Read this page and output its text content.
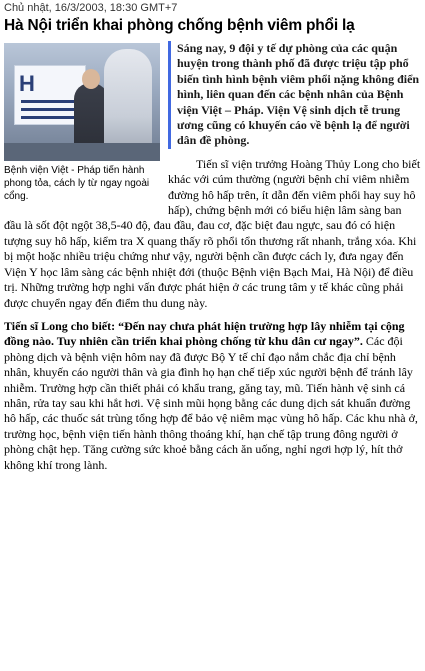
Chủ nhật, 16/3/2003, 18:30 GMT+7
Hà Nội triển khai phòng chống bệnh viêm phổi lạ
H
Bệnh viện Việt - Pháp tiến hành phong tỏa, cách ly từ ngay ngoài cổng.
Sáng nay, 9 đội y tế dự phòng của các quận huyện trong thành phố đã được triệu tập phổ biến tình hình bệnh viêm phổi nặng không điển hình, liên quan đến các bệnh nhân của Bệnh viện Việt – Pháp. Viện Vệ sinh dịch tễ trung ương cũng có khuyến cáo về bệnh lạ để người dân đề phòng.

Tiến sĩ viện trưởng Hoàng Thủy Long cho biết khác với cúm thường (người bệnh chỉ viêm nhiễm đường hô hấp trên, ít dẫn đến viêm phổi hay suy hô hấp), chứng bệnh mới có biểu hiện lâm sàng ban đầu là sốt đột ngột 38,5-40 độ, đau đầu, đau cơ, đặc biệt đau ngực, sau đó có hiện tượng suy hô hấp, kiểm tra X quang thấy rõ phổi tổn thương rất nhanh, trắng xóa. Khi bị một hoặc nhiều triệu chứng như vậy, người bệnh cần được cách ly, đưa ngay đến Viện Y học lâm sàng các bệnh nhiệt đới (thuộc Bệnh viện Bạch Mai, Hà Nội) để điều trị. Những trường hợp nghi vấn được phát hiện ở các trung tâm y tế khác cũng phải được chuyển ngay đến điểm thu dung này.

Tiến sĩ Long cho biết: “Đến nay chưa phát hiện trường hợp lây nhiễm tại cộng đồng nào. Tuy nhiên cần triển khai phòng chống từ khu dân cư ngay”. Các đội phòng dịch và bệnh viện hôm nay đã được Bộ Y tế chỉ đạo nắm chắc địa chỉ bệnh nhân, khuyến cáo người thân và gia đình họ hạn chế tiếp xúc người bệnh để tránh lây nhiễm. Trường hợp cần thiết phải có khẩu trang, găng tay, mũ. Tiến hành vệ sinh cá nhân, rửa tay sau khi hắt hơi. Vệ sinh mũi họng bằng các dung dịch sát khuẩn đường hô hấp, các thuốc sát trùng tổng hợp để bảo vệ niêm mạc vùng hô hấp. Các khu nhà ở, trường học, bệnh viện tiến hành thông thoáng khí, hạn chế tập trung đông người ở phòng chật hẹp. Tăng cường sức khoẻ bằng cách ăn uống, nghỉ ngơi hợp lý, hít thở không khí trong lành.
